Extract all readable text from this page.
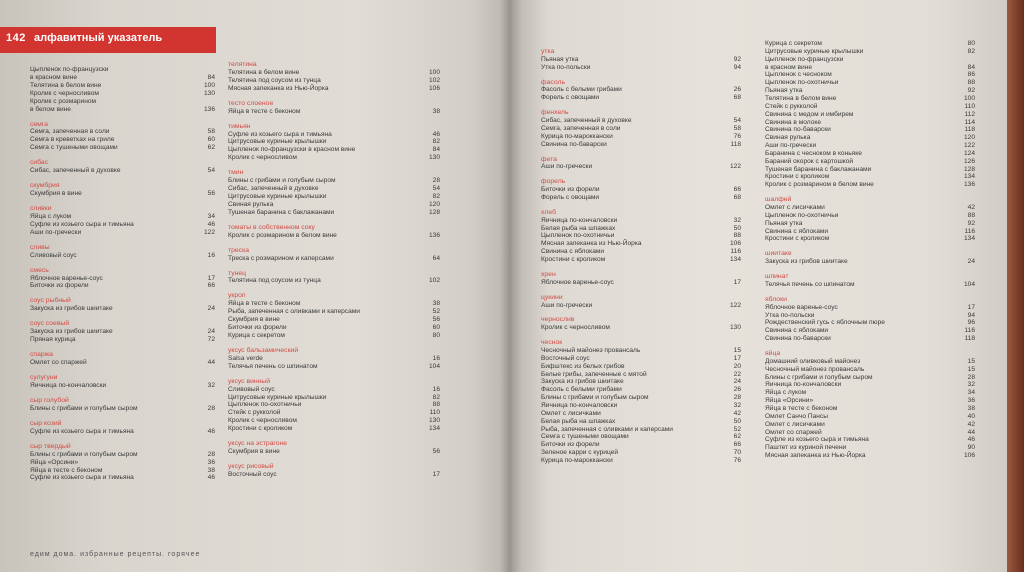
142 алфавитный указатель
Цыпленок по-французски
в красном вине	84
Телятина в белом вине	100
Кролик с черносливом	130
Кролик с розмарином
в белом вине	136
семга
Семга, запеченная в соли	58
Семга в креветках на гриле	60
Семга с тушеными овощами	62
сибас
Сибас, запеченный в духовке	54
скумбрия
Скумбрия в вине	56
сливки
Яйца с луком	34
Суфле из козьего сыра и тимьяна	46
Аши по-гречески	122
сливы
Сливовый соус	16
смесь
Яблочное варенье-соус	17
Биточки из форели	66
соус рыбный
Закуска из грибов шиитаке	24
соус соевый
Закуска из грибов шиитаке	24
Пряная курица	72
спаржа
Омлет со спаржей	44
сулугуни
Яичница по-кончаловски	32
сыр голубой
Блины с грибами и голубым сыром	28
сыр козий
Суфле из козьего сыра и тимьяна	46
сыр твердый
Блины с грибами и голубым сыром	28
Яйца «Орсини»	36
Яйца в тесте с беконом	38
Суфле из козьего сыра и тимьяна	46
телятина
Телятина в белом вине	100
Телятина под соусом из тунца	102
Мясная запеканка из Нью-Йорка	106
тесто слоеное
Яйца в тесте с беконом	38
тимьян
Суфле из козьего сыра и тимьяна	46
Цитрусовые куриные крылышки	82
Цыпленок по-французски в красном вине	84
Кролик с черносливом	130
тмин
Блины с грибами и голубым сыром	28
Сибас, запеченный в духовке	54
Цитрусовые куриные крылышки	82
Свиная рулька	120
Тушеная баранина с баклажанами	128
томаты в собственном соку
Кролик с розмарином в белом вине	136
треска
Треска с розмарином и каперсами	64
тунец
Телятина под соусом из тунца	102
укроп
Яйца в тесте с беконом	38
Рыба, запеченная с оливками и каперсами	52
Скумбрия в вине	56
Биточки из форели	60
Курица с секретом	80
уксус бальзамический
Salsa verde	16
Телячья печень со шпинатом	104
уксус винный
Сливовый соус	16
Цитрусовые куриные крылышки	82
Цыпленок по-охотничьи	88
Стейк с рукколой	110
Кролик с черносливом	130
Кростини с кроликом	134
уксус на эстрагоне
Скумбрия в вине	56
уксус рисовый
Восточный соус	17
утка
Пьяная утка	92
Утка по-польски	94
фасоль
Фасоль с белыми грибами	26
Форель с овощами	68
фенхель
Сибас, запеченный в духовке	54
Семга, запеченная в соли	58
Курица по-мароккански	76
Свинина по-баварски	118
фета
Аши по-гречески	122
форель
Биточки из форели	66
Форель с овощами	68
хлеб
Яичница по-кончаловски	32
Белая рыба на шпажках	50
Цыпленок по-охотничьи	88
Мясная запеканка из Нью-Йорка	106
Свинина с яблоками	116
Кростини с кроликом	134
хрен
Яблочное варенье-соус	17
цукини
Аши по-гречески	122
чернослив
Кролик с черносливом	130
чеснок
Чесночный майонез провансаль	15
Восточный соус	17
Бифштекс из белых грибов	20
Белые грибы, запеченные с мятой	22
Закуска из грибов шиитаке	24
Фасоль с белыми грибами	26
Блины с грибами и голубым сыром	28
Яичница по-кончаловски	32
Омлет с лисичками	42
Белая рыба на шпажках	50
Рыба, запеченная с оливками и каперсами	52
Семга с тушеными овощами	62
Биточки из форели	66
Зеленое карри с курицей	70
Курица по-мароккански	76
Курица с секретом	80
Цитрусовые куриные крылышки	82
Цыпленок по-французски
в красном вине	84
Цыпленок с чесноком	86
Цыпленок по-охотничьи	88
Пьяная утка	92
Телятина в белом вине	100
Стейк с рукколой	110
Свинина с медом и имбирем	112
Свинина в молоке	114
Свинина по-баварски	118
Свиная рулька	120
Аши по-гречески	122
Баранина с чесноком в коньяке	124
Бараний окорок с картошкой	126
Тушеная баранина с баклажанами	128
Кростини с кроликом	134
Кролик с розмарином в белом вине	136
шалфей
Омлет с лисичками	42
Цыпленок по-охотничьи	88
Пьяная утка	92
Свинина с яблоками	116
Кростини с кроликом	134
шиитаке
Закуска из грибов шиитаке	24
шпинат
Телячья печень со шпинатом	104
яблоки
Яблочное варенье-соус	17
Утка по-польски	94
Рождественский гусь с яблочным пюре	96
Свинина с яблоками	116
Свинина по-баварски	118
яйца
Домашний оливковый майонез	15
Чесночный майонез провансаль	15
Блины с грибами и голубым сыром	28
Яичница по-кончаловски	32
Яйца с луком	34
Яйца «Орсини»	36
Яйца в тесте с беконом	38
Омлет Санчо Пансы	40
Омлет с лисичками	42
Омлет со спаржей	44
Суфле из козьего сыра и тимьяна	46
Паштет из куриной печени	90
Мясная запеканка из Нью-Йорка	106
едим дома. избранные рецепты. горячее
